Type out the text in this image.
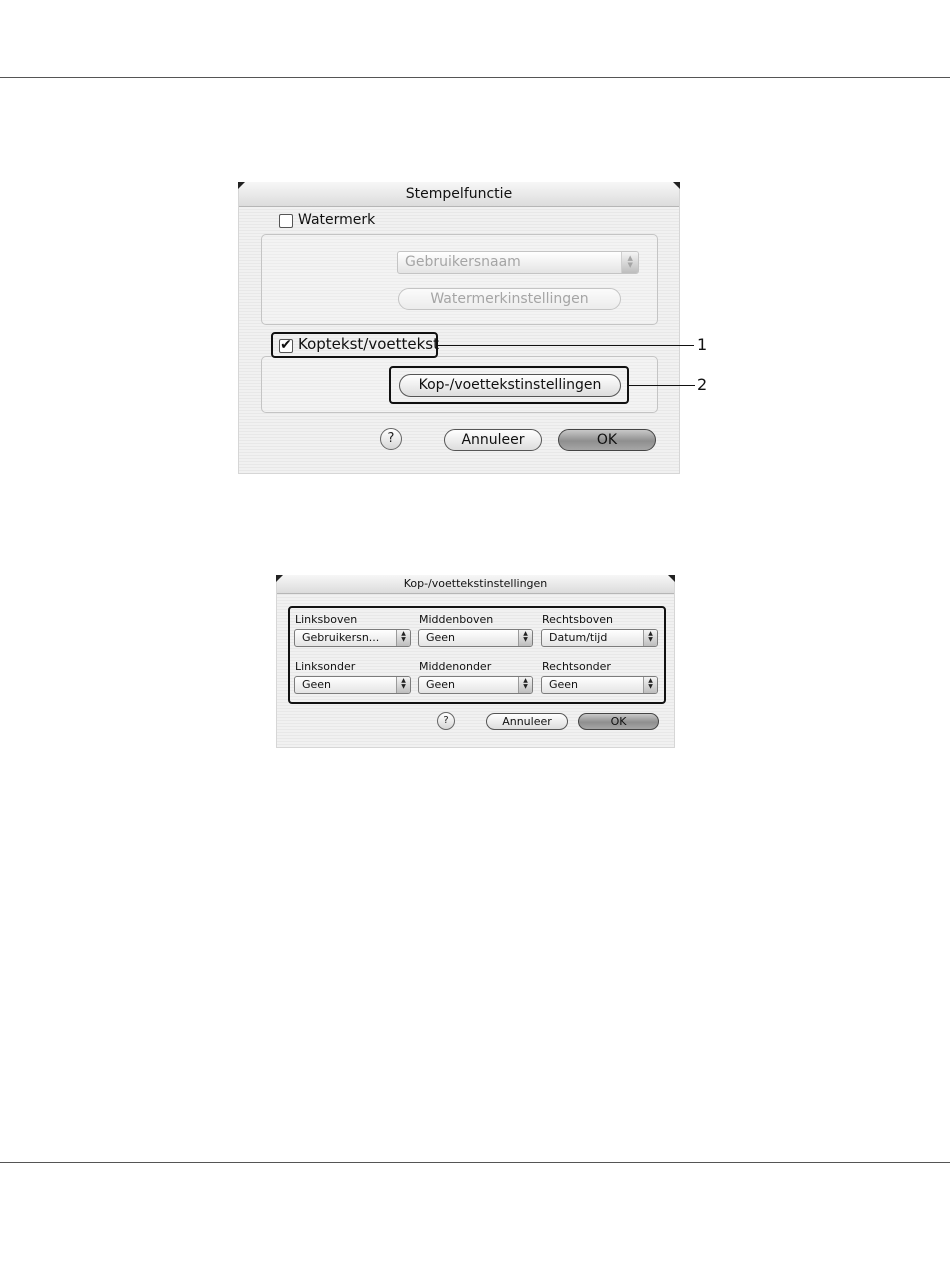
Stempelfunctie
Watermerk
Gebruikersnaam	▲▼
Watermerkinstellingen
✔ Koptekst/voettekst
Kop-/voettekstinstellingen
?	Annuleer	OK
1
2
Kop-/voettekstinstellingen
Linksboven
Gebruikersn...	▲
▼
Middenboven
Geen	▲
▼
Rechtsboven
Datum/tijd	▲
▼
Linksonder
Geen	▲
▼
Middenonder
Geen	▲
▼
Rechtsonder
Geen	▲
▼
?	Annuleer	OK
